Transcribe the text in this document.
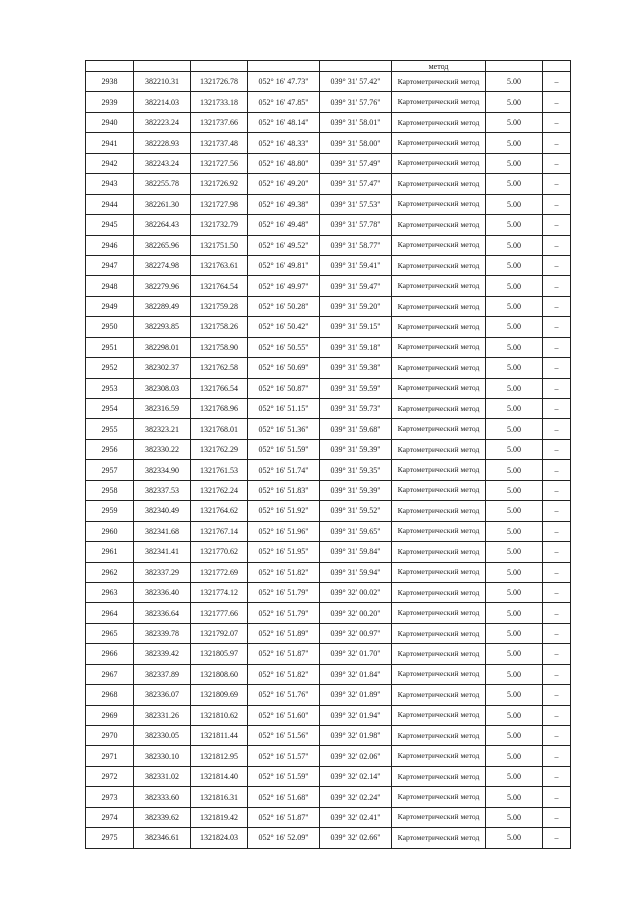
					метод		
2938	382210.31	1321726.78	052° 16' 47.73"	039° 31' 57.42"	Картометрический метод	5.00	–
2939	382214.03	1321733.18	052° 16' 47.85"	039° 31' 57.76"	Картометрический метод	5.00	–
2940	382223.24	1321737.66	052° 16' 48.14"	039° 31' 58.01"	Картометрический метод	5.00	–
2941	382228.93	1321737.48	052° 16' 48.33"	039° 31' 58.00"	Картометрический метод	5.00	–
2942	382243.24	1321727.56	052° 16' 48.80"	039° 31' 57.49"	Картометрический метод	5.00	–
2943	382255.78	1321726.92	052° 16' 49.20"	039° 31' 57.47"	Картометрический метод	5.00	–
2944	382261.30	1321727.98	052° 16' 49.38"	039° 31' 57.53"	Картометрический метод	5.00	–
2945	382264.43	1321732.79	052° 16' 49.48"	039° 31' 57.78"	Картометрический метод	5.00	–
2946	382265.96	1321751.50	052° 16' 49.52"	039° 31' 58.77"	Картометрический метод	5.00	–
2947	382274.98	1321763.61	052° 16' 49.81"	039° 31' 59.41"	Картометрический метод	5.00	–
2948	382279.96	1321764.54	052° 16' 49.97"	039° 31' 59.47"	Картометрический метод	5.00	–
2949	382289.49	1321759.28	052° 16' 50.28"	039° 31' 59.20"	Картометрический метод	5.00	–
2950	382293.85	1321758.26	052° 16' 50.42"	039° 31' 59.15"	Картометрический метод	5.00	–
2951	382298.01	1321758.90	052° 16' 50.55"	039° 31' 59.18"	Картометрический метод	5.00	–
2952	382302.37	1321762.58	052° 16' 50.69"	039° 31' 59.38"	Картометрический метод	5.00	–
2953	382308.03	1321766.54	052° 16' 50.87"	039° 31' 59.59"	Картометрический метод	5.00	–
2954	382316.59	1321768.96	052° 16' 51.15"	039° 31' 59.73"	Картометрический метод	5.00	–
2955	382323.21	1321768.01	052° 16' 51.36"	039° 31' 59.68"	Картометрический метод	5.00	–
2956	382330.22	1321762.29	052° 16' 51.59"	039° 31' 59.39"	Картометрический метод	5.00	–
2957	382334.90	1321761.53	052° 16' 51.74"	039° 31' 59.35"	Картометрический метод	5.00	–
2958	382337.53	1321762.24	052° 16' 51.83"	039° 31' 59.39"	Картометрический метод	5.00	–
2959	382340.49	1321764.62	052° 16' 51.92"	039° 31' 59.52"	Картометрический метод	5.00	–
2960	382341.68	1321767.14	052° 16' 51.96"	039° 31' 59.65"	Картометрический метод	5.00	–
2961	382341.41	1321770.62	052° 16' 51.95"	039° 31' 59.84"	Картометрический метод	5.00	–
2962	382337.29	1321772.69	052° 16' 51.82"	039° 31' 59.94"	Картометрический метод	5.00	–
2963	382336.40	1321774.12	052° 16' 51.79"	039° 32' 00.02"	Картометрический метод	5.00	–
2964	382336.64	1321777.66	052° 16' 51.79"	039° 32' 00.20"	Картометрический метод	5.00	–
2965	382339.78	1321792.07	052° 16' 51.89"	039° 32' 00.97"	Картометрический метод	5.00	–
2966	382339.42	1321805.97	052° 16' 51.87"	039° 32' 01.70"	Картометрический метод	5.00	–
2967	382337.89	1321808.60	052° 16' 51.82"	039° 32' 01.84"	Картометрический метод	5.00	–
2968	382336.07	1321809.69	052° 16' 51.76"	039° 32' 01.89"	Картометрический метод	5.00	–
2969	382331.26	1321810.62	052° 16' 51.60"	039° 32' 01.94"	Картометрический метод	5.00	–
2970	382330.05	1321811.44	052° 16' 51.56"	039° 32' 01.98"	Картометрический метод	5.00	–
2971	382330.10	1321812.95	052° 16' 51.57"	039° 32' 02.06"	Картометрический метод	5.00	–
2972	382331.02	1321814.40	052° 16' 51.59"	039° 32' 02.14"	Картометрический метод	5.00	–
2973	382333.60	1321816.31	052° 16' 51.68"	039° 32' 02.24"	Картометрический метод	5.00	–
2974	382339.62	1321819.42	052° 16' 51.87"	039° 32' 02.41"	Картометрический метод	5.00	–
2975	382346.61	1321824.03	052° 16' 52.09"	039° 32' 02.66"	Картометрический метод	5.00	–
